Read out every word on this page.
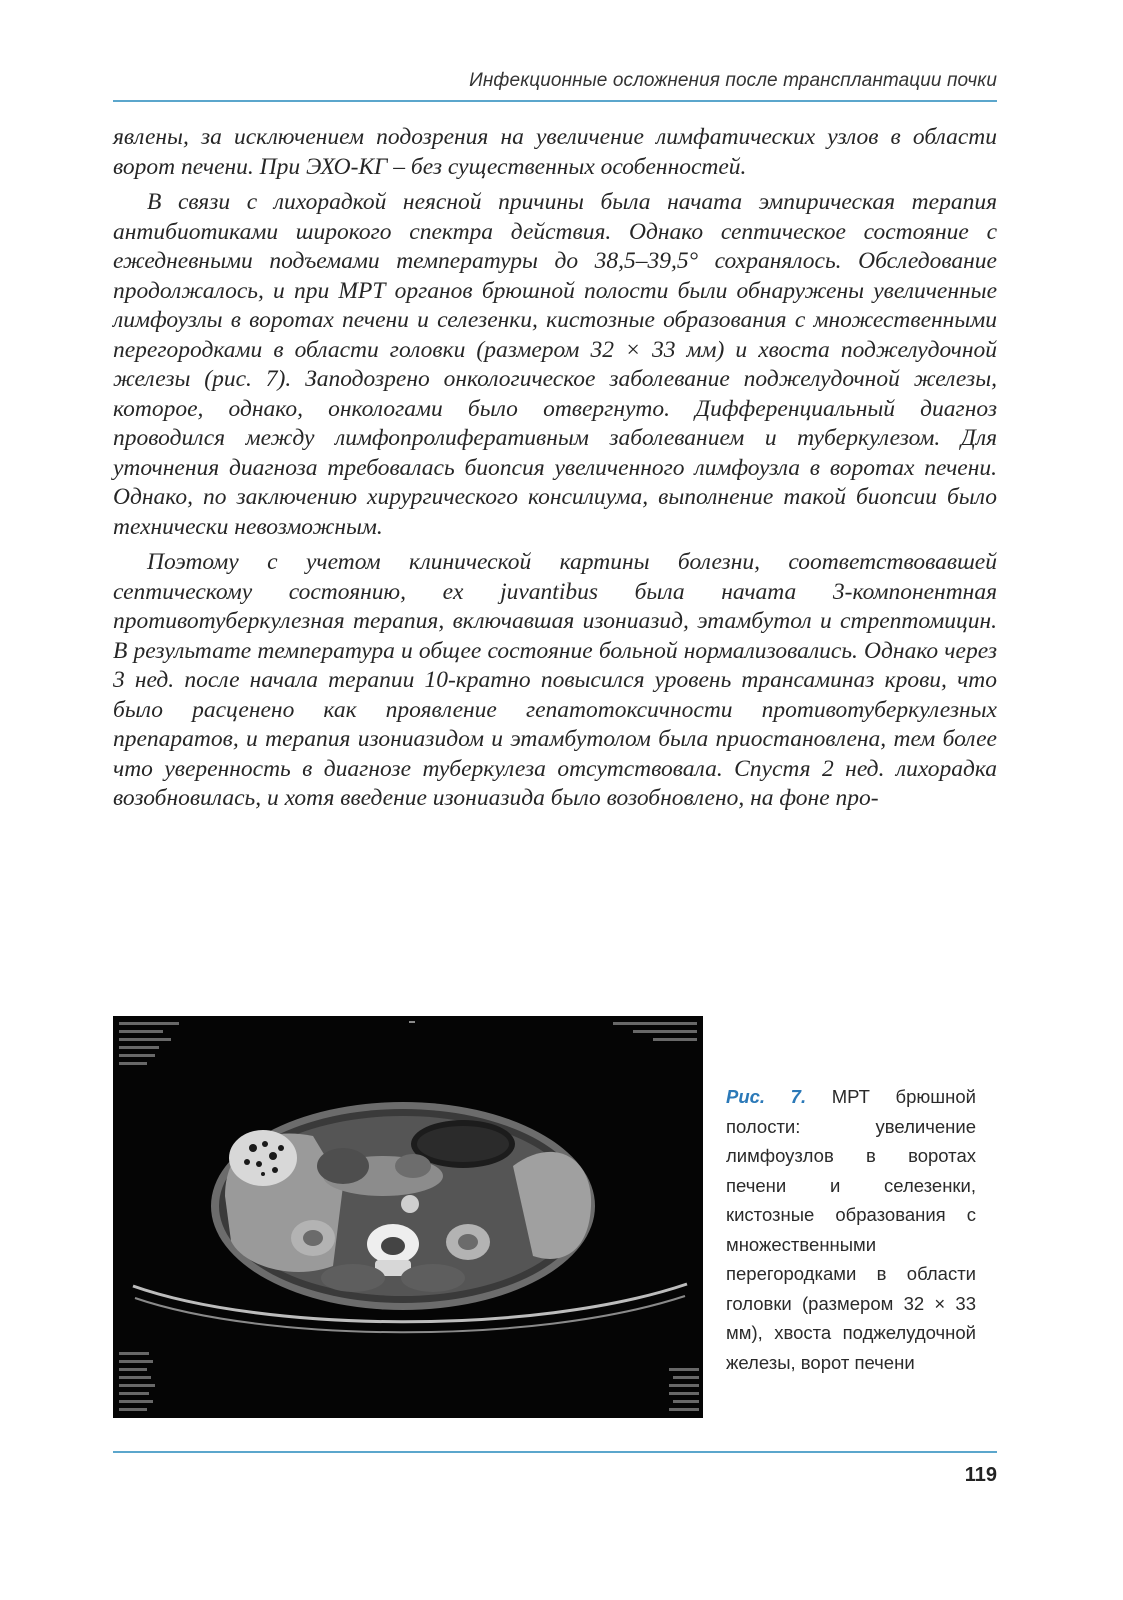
Инфекционные осложнения после трансплантации почки

явлены, за исключением подозрения на увеличение лимфатических узлов в области ворот печени. При ЭХО-КГ – без существенных особенностей.

В связи с лихорадкой неясной причины была начата эмпирическая терапия антибиотиками широкого спектра действия. Однако септическое состояние с ежедневными подъемами температуры до 38,5–39,5° сохранялось. Обследование продолжалось, и при МРТ органов брюшной полости были обнаружены увеличенные лимфоузлы в воротах печени и селезенки, кистозные образования с множественными перегородками в области головки (размером 32 × 33 мм) и хвоста поджелудочной железы (рис. 7). Заподозрено онкологическое заболевание поджелудочной железы, которое, однако, онкологами было отвергнуто. Дифференциальный диагноз проводился между лимфопролиферативным заболеванием и туберкулезом. Для уточнения диагноза требовалась биопсия увеличенного лимфоузла в воротах печени. Однако, по заключению хирургического консилиума, выполнение такой биопсии было технически невозможным.

Поэтому с учетом клинической картины болезни, соответствовавшей септическому состоянию, ex juvantibus была начата 3-компонентная противотуберкулезная терапия, включавшая изониазид, этамбутол и стрептомицин. В результате температура и общее состояние больной нормализовались. Однако через 3 нед. после начала терапии 10-кратно повысился уровень трансаминаз крови, что было расценено как проявление гепатотоксичности противотуберкулезных препаратов, и терапия изониазидом и этамбутолом была приостановлена, тем более что уверенность в диагнозе туберкулеза отсутствовала. Спустя 2 нед. лихорадка возобновилась, и хотя введение изониазида было возобновлено, на фоне про-

Рис. 7. МРТ брюшной полости: увеличение лимфоузлов в воротах печени и селезенки, кистозные образования с множественными перегородками в области головки (размером 32 × 33 мм), хвоста поджелудочной железы, ворот печени
119
